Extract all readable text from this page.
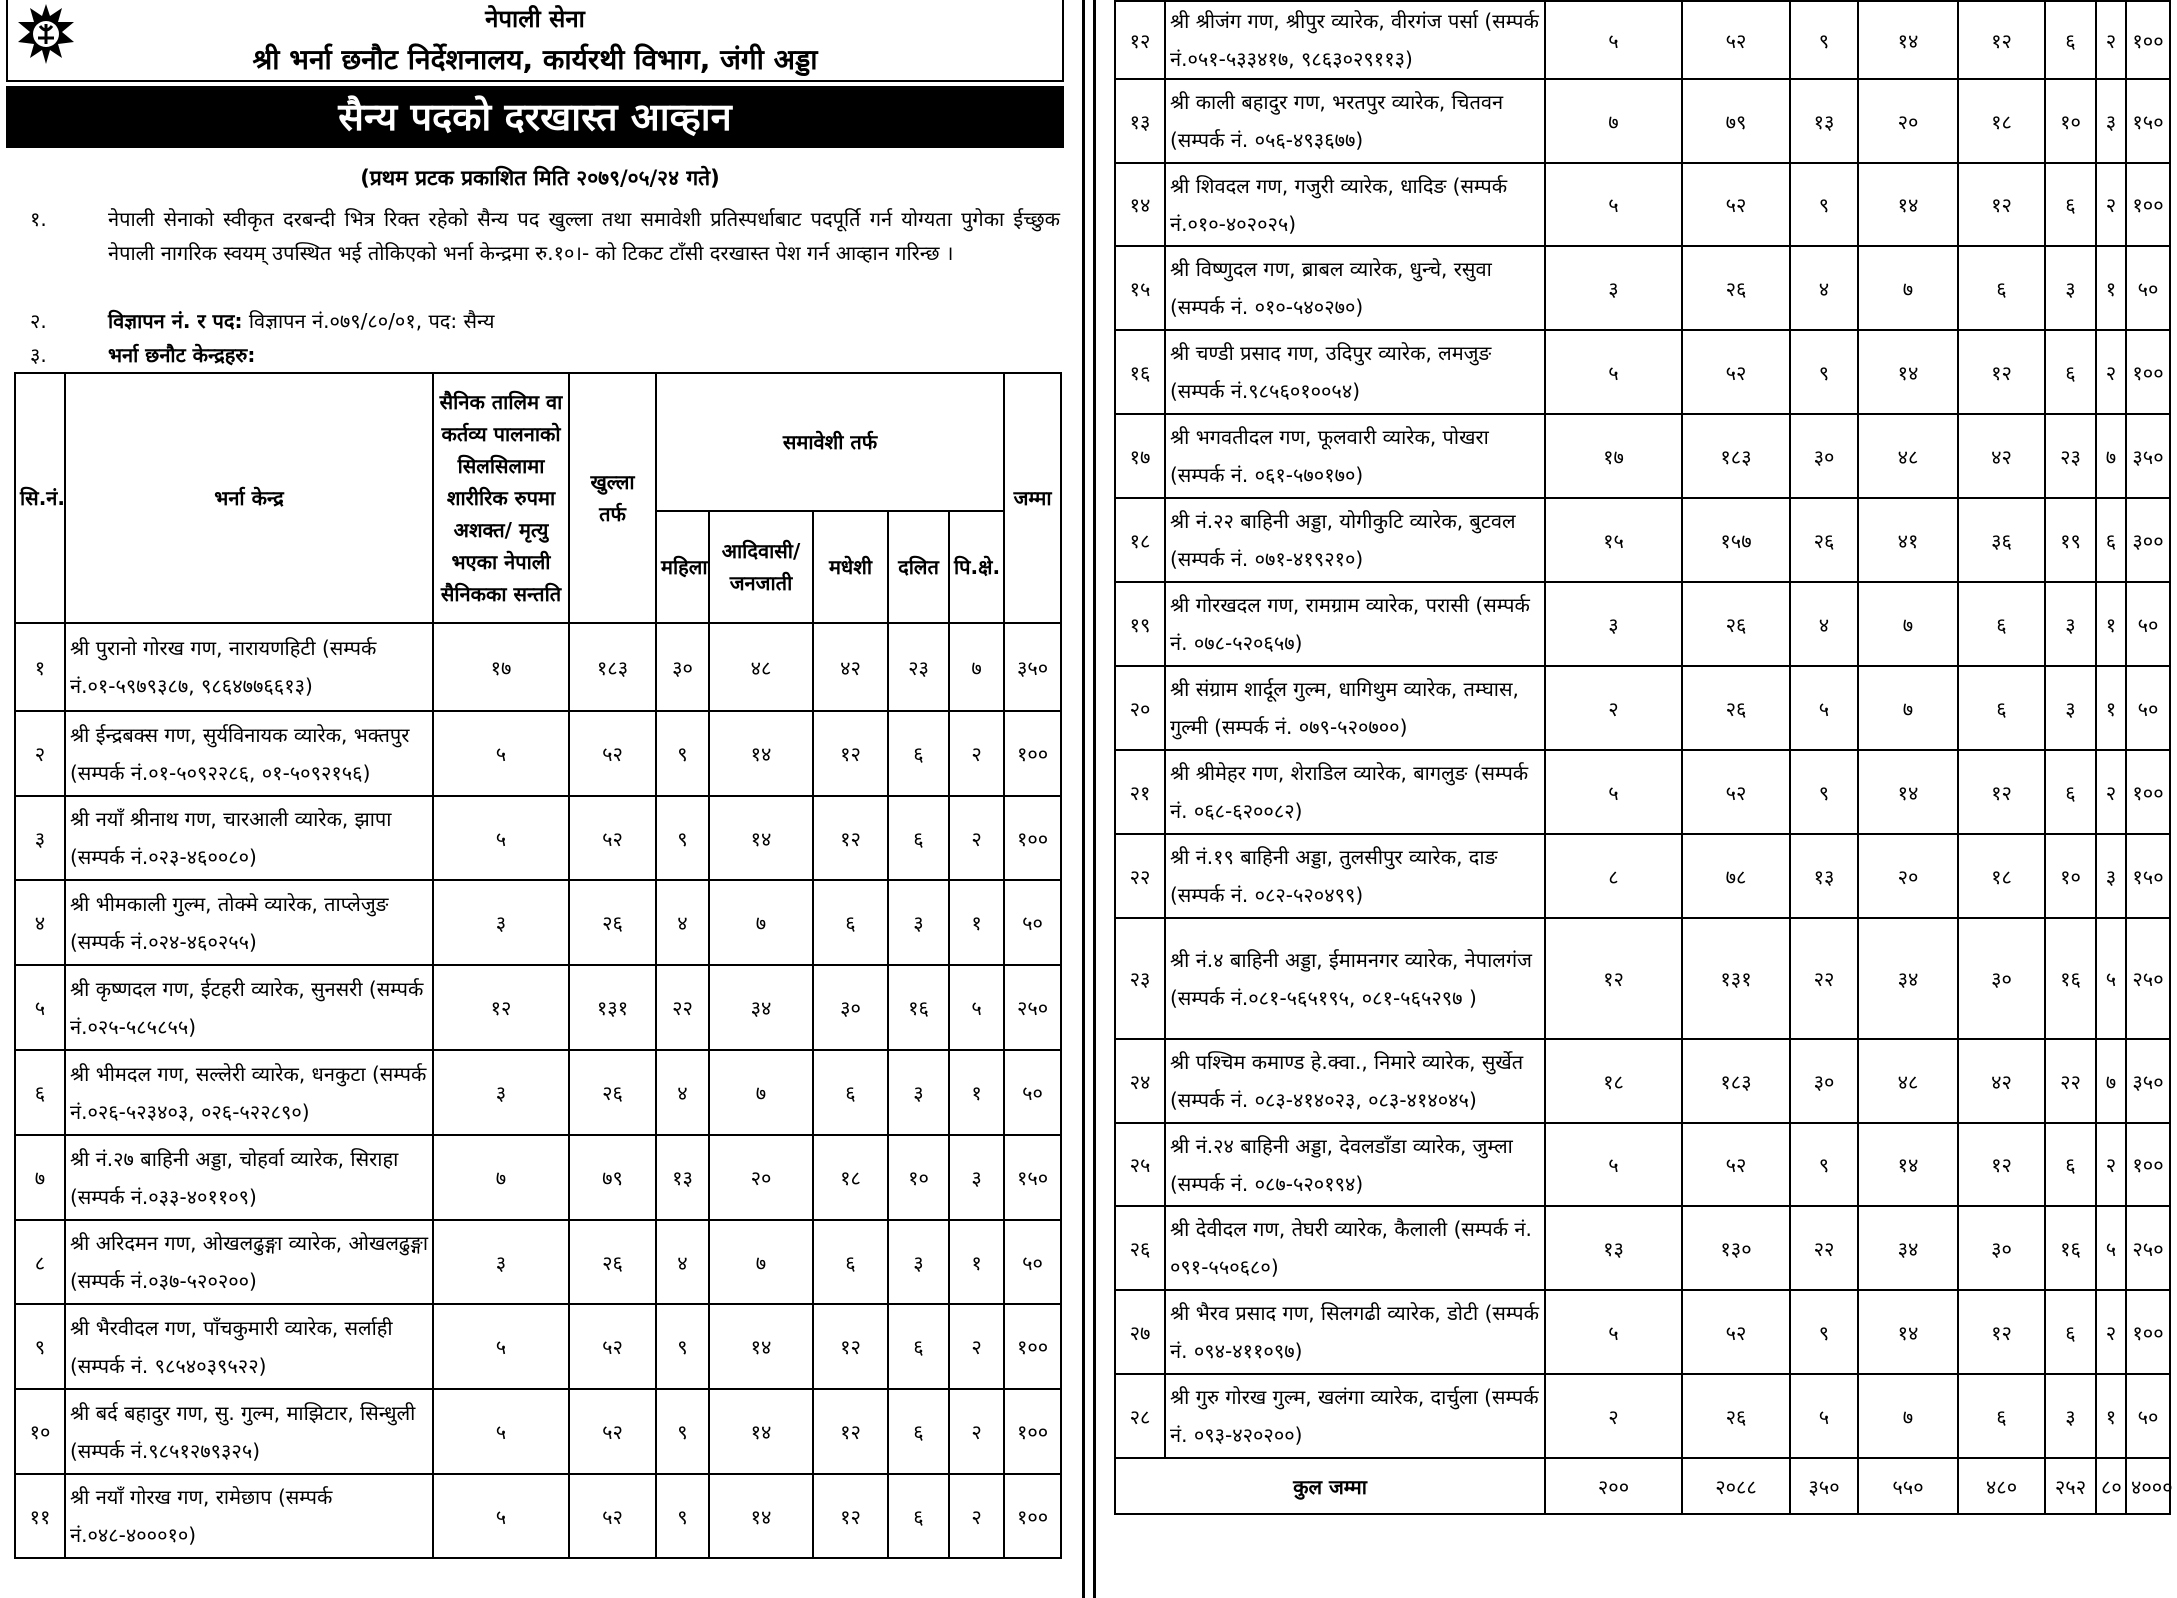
नेपाली सेना
श्री भर्ना छनौट निर्देशनालय, कार्यरथी विभाग, जंगी अड्डा
सैन्य पदको दरखास्त आव्हान
(प्रथम प्रटक प्रकाशित मिति २०७९/०५/२४ गते)
१.	नेपाली सेनाको स्वीकृत दरबन्दी भित्र रिक्त रहेको सैन्य पद खुल्ला तथा समावेशी प्रतिस्पर्धाबाट पदपूर्ति गर्न योग्यता पुगेका ईच्छुक नेपाली नागरिक स्वयम् उपस्थित भई तोकिएको भर्ना केन्द्रमा रु.१०।- को टिकट टाँसी दरखास्त पेश गर्न आव्हान गरिन्छ ।
२.	विज्ञापन नं. र पद: विज्ञापन नं.०७९/८०/०१, पद: सैन्य
३.	भर्ना छनौट केन्द्रहरु:
सि.नं.	भर्ना केन्द्र	सैनिक तालिम वा कर्तव्य पालनाको सिलसिलामा शारीरिक रुपमा अशक्त/ मृत्यु भएका नेपाली सैनिकका सन्तति	खुल्ला तर्फ	समावेशी तर्फ					जम्मा
				महिला	आदिवासी/ जनजाती	मधेशी	दलित	पि.क्षे.	
१	श्री पुरानो गोरख गण, नारायणहिटी (सम्पर्क नं.०१-५९७९३८७, ९८६४७७६६१३)	१७	१८३	३०	४८	४२	२३	७	३५०
२	श्री ईन्द्रबक्स गण, सुर्यविनायक व्यारेक, भक्तपुर (सम्पर्क नं.०१-५०९२२८६, ०१-५०९२१५६)	५	५२	९	१४	१२	६	२	१००
३	श्री नयाँ श्रीनाथ गण, चारआली व्यारेक, झापा (सम्पर्क नं.०२३-४६००८०)	५	५२	९	१४	१२	६	२	१००
४	श्री भीमकाली गुल्म, तोक्मे व्यारेक, ताप्लेजुङ (सम्पर्क नं.०२४-४६०२५५)	३	२६	४	७	६	३	१	५०
५	श्री कृष्णदल गण, ईटहरी व्यारेक, सुनसरी (सम्पर्क नं.०२५-५८५८५५)	१२	१३१	२२	३४	३०	१६	५	२५०
६	श्री भीमदल गण, सल्लेरी व्यारेक, धनकुटा (सम्पर्क नं.०२६-५२३४०३, ०२६-५२२८९०)	३	२६	४	७	६	३	१	५०
७	श्री नं.२७ बाहिनी अड्डा, चोहर्वा व्यारेक, सिराहा (सम्पर्क नं.०३३-४०११०९)	७	७९	१३	२०	१८	१०	३	१५०
८	श्री अरिदमन गण, ओखलढुङ्गा व्यारेक, ओखलढुङ्गा (सम्पर्क नं.०३७-५२०२००)	३	२६	४	७	६	३	१	५०
९	श्री भैरवीदल गण, पाँचकुमारी व्यारेक, सर्लाही (सम्पर्क नं. ९८५४०३९५२२)	५	५२	९	१४	१२	६	२	१००
१०	श्री बर्द बहादुर गण, सु. गुल्म, माझिटार, सिन्धुली (सम्पर्क नं.९८५१२७९३२५)	५	५२	९	१४	१२	६	२	१००
११	श्री नयाँ गोरख गण, रामेछाप (सम्पर्क नं.०४८-४०००१०)	५	५२	९	१४	१२	६	२	१००
१२	श्री श्रीजंग गण, श्रीपुर व्यारेक, वीरगंज पर्सा (सम्पर्क नं.०५१-५३३४१७, ९८६३०२९११३)	५	५२	९	१४	१२	६	२	१००
१३	श्री काली बहादुर गण, भरतपुर व्यारेक, चितवन (सम्पर्क नं. ०५६-४९३६७७)	७	७९	१३	२०	१८	१०	३	१५०
१४	श्री शिवदल गण, गजुरी व्यारेक, धादिङ (सम्पर्क नं.०१०-४०२०२५)	५	५२	९	१४	१२	६	२	१००
१५	श्री विष्णुदल गण, ब्राबल व्यारेक, धुन्चे, रसुवा (सम्पर्क नं. ०१०-५४०२७०)	३	२६	४	७	६	३	१	५०
१६	श्री चण्डी प्रसाद गण, उदिपुर व्यारेक, लमजुङ (सम्पर्क नं.९८५६०१००५४)	५	५२	९	१४	१२	६	२	१००
१७	श्री भगवतीदल गण, फूलवारी व्यारेक, पोखरा (सम्पर्क नं. ०६१-५७०१७०)	१७	१८३	३०	४८	४२	२३	७	३५०
१८	श्री नं.२२ बाहिनी अड्डा, योगीकुटि व्यारेक, बुटवल (सम्पर्क नं. ०७१-४१९२१०)	१५	१५७	२६	४१	३६	१९	६	३००
१९	श्री गोरखदल गण, रामग्राम व्यारेक, परासी (सम्पर्क नं. ०७८-५२०६५७)	३	२६	४	७	६	३	१	५०
२०	श्री संग्राम शार्दूल गुल्म, धागिथुम व्यारेक, तम्घास, गुल्मी (सम्पर्क नं. ०७९-५२०७००)	२	२६	५	७	६	३	१	५०
२१	श्री श्रीमेहर गण, शेराडिल व्यारेक, बागलुङ (सम्पर्क नं. ०६८-६२००८२)	५	५२	९	१४	१२	६	२	१००
२२	श्री नं.१९ बाहिनी अड्डा, तुलसीपुर व्यारेक, दाङ (सम्पर्क नं. ०८२-५२०४९९)	८	७८	१३	२०	१८	१०	३	१५०
२३	श्री नं.४ बाहिनी अड्डा, ईमामनगर व्यारेक, नेपालगंज (सम्पर्क नं.०८१-५६५१९५, ०८१-५६५२९७ )	१२	१३१	२२	३४	३०	१६	५	२५०
२४	श्री पश्चिम कमाण्ड हे.क्वा., निमारे व्यारेक, सुर्खेत (सम्पर्क नं. ०८३-४१४०२३, ०८३-४१४०४५)	१८	१८३	३०	४८	४२	२२	७	३५०
२५	श्री नं.२४ बाहिनी अड्डा, देवलडाँडा व्यारेक, जुम्ला (सम्पर्क नं. ०८७-५२०१९४)	५	५२	९	१४	१२	६	२	१००
२६	श्री देवीदल गण, तेघरी व्यारेक, कैलाली (सम्पर्क नं. ०९१-५५०६८०)	१३	१३०	२२	३४	३०	१६	५	२५०
२७	श्री भैरव प्रसाद गण, सिलगढी व्यारेक, डोटी (सम्पर्क नं. ०९४-४११०९७)	५	५२	९	१४	१२	६	२	१००
२८	श्री गुरु गोरख गुल्म, खलंगा व्यारेक, दार्चुला (सम्पर्क नं. ०९३-४२०२००)	२	२६	५	७	६	३	१	५०
कुल जम्मा		२००	२०८८	३५०	५५०	४८०	२५२	८०	४०००
